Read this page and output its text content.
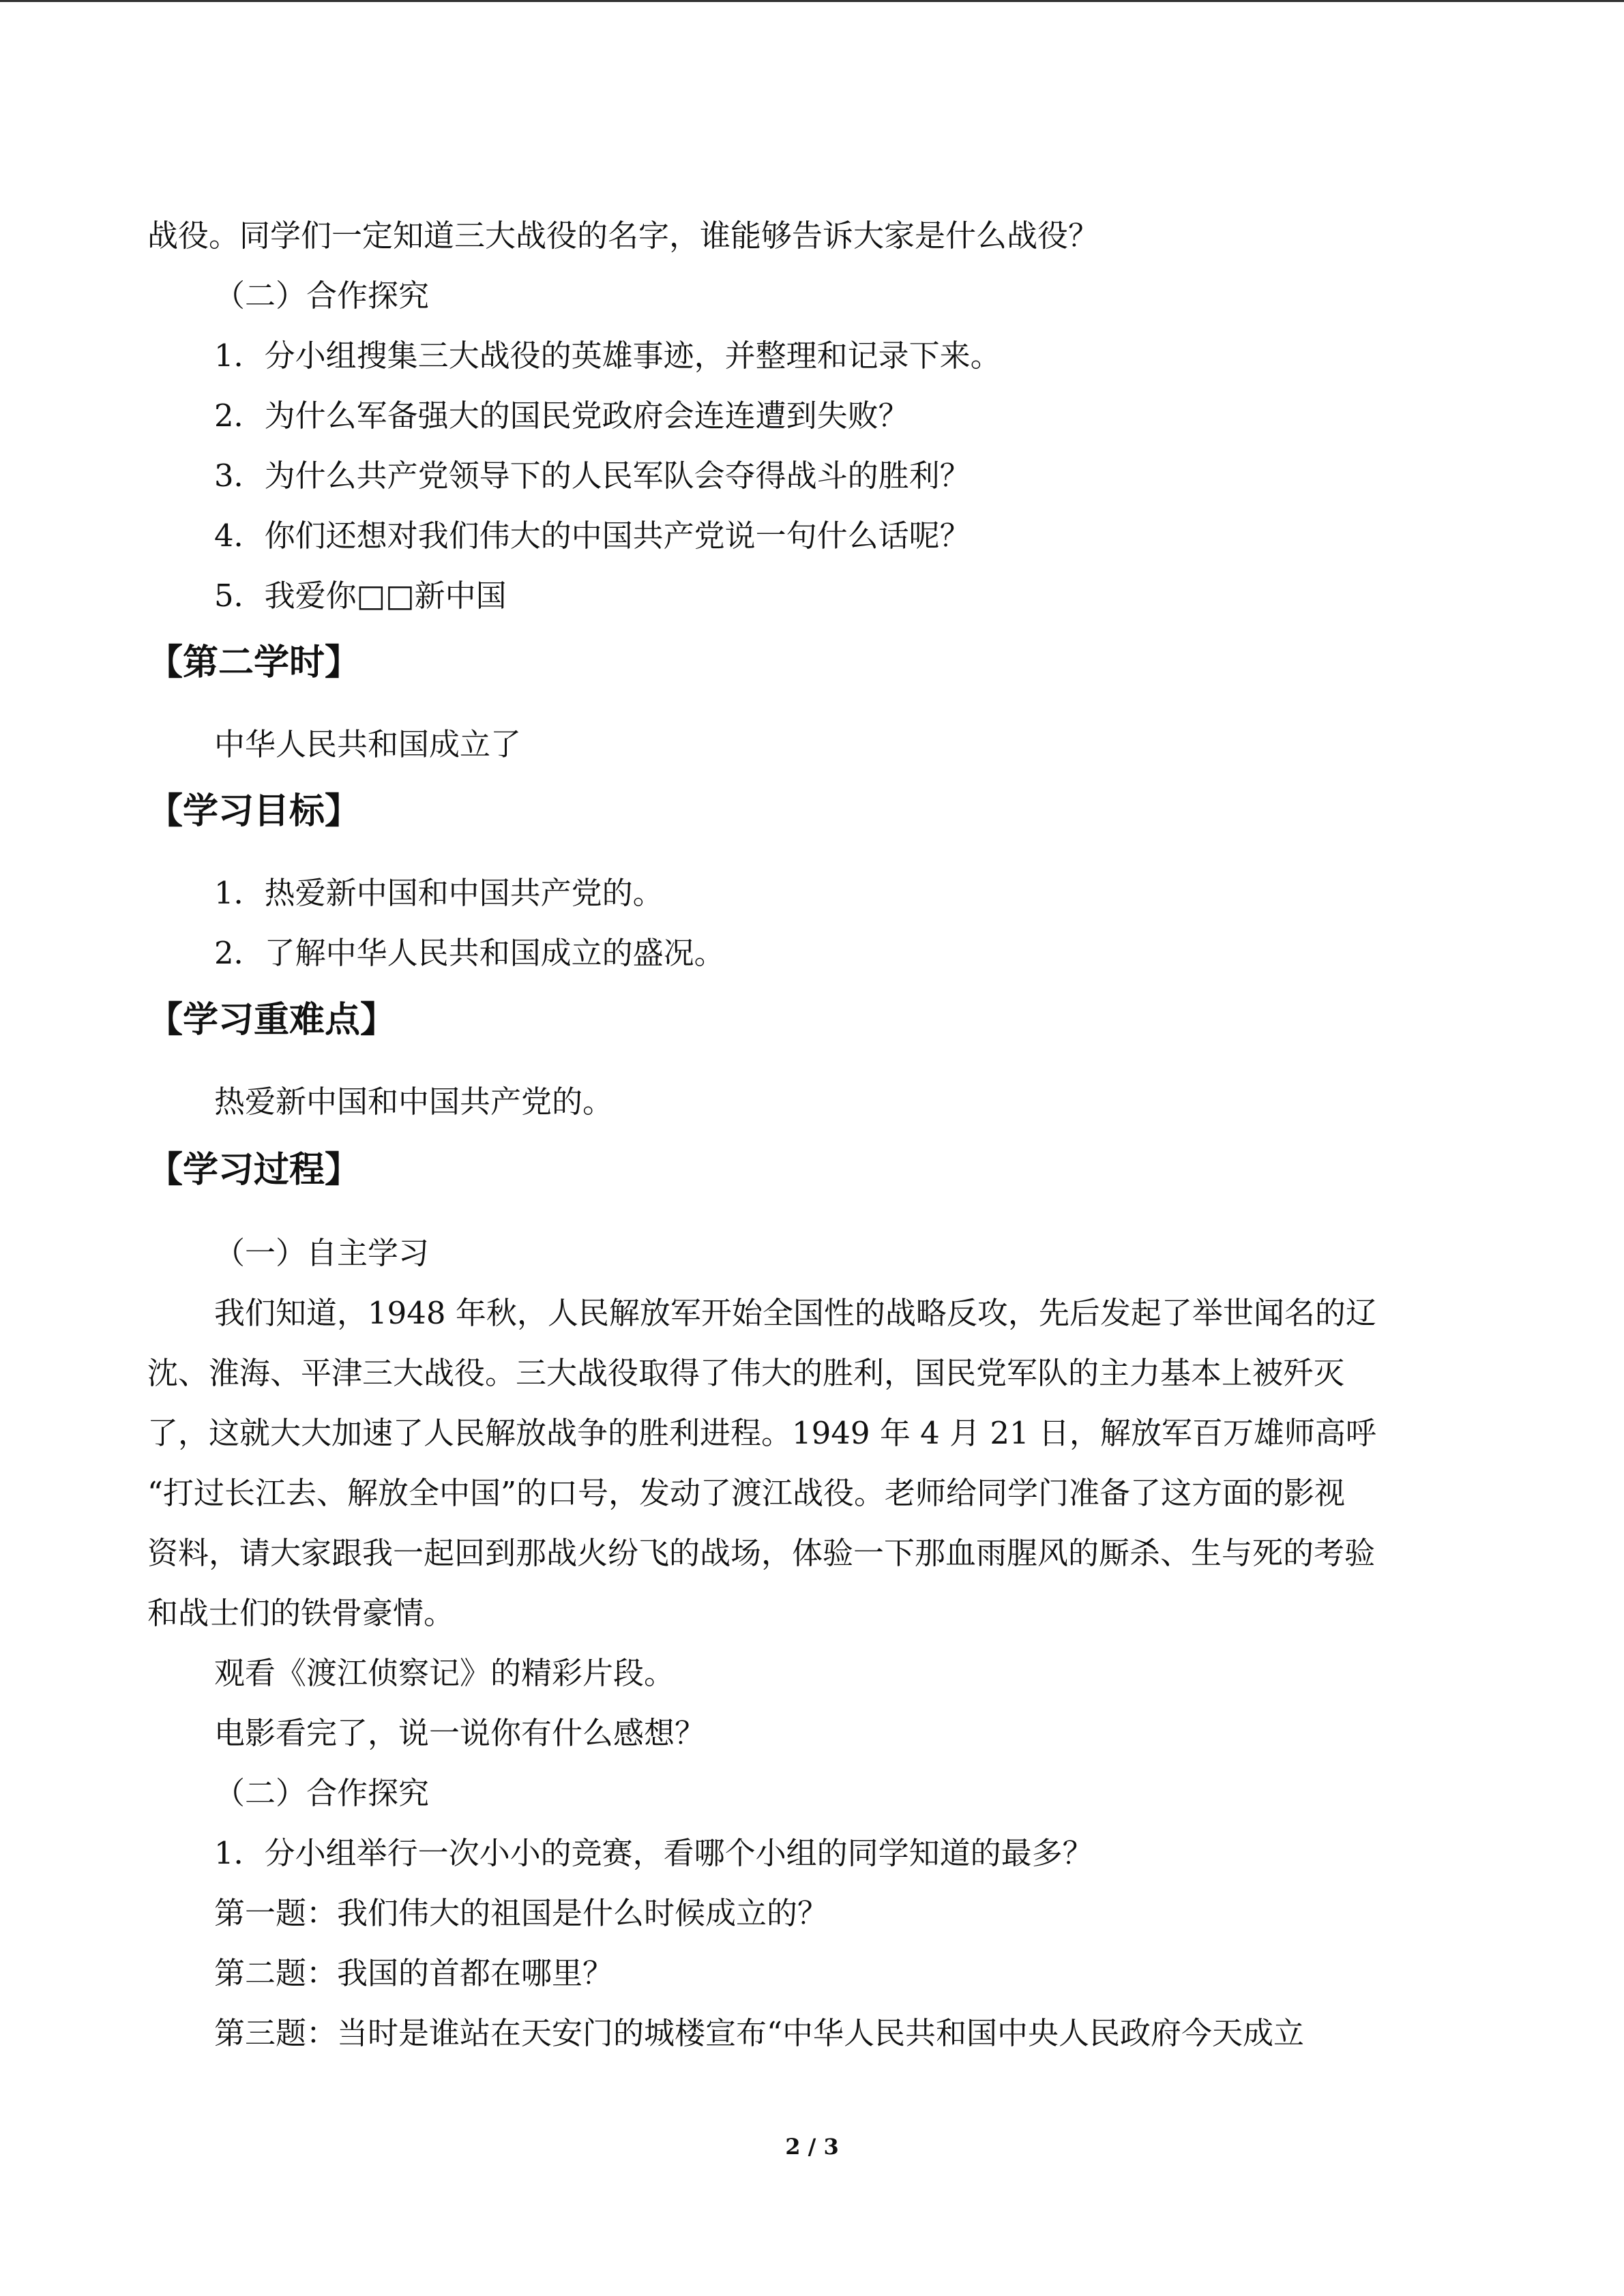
战役。同学们一定知道三大战役的名字，谁能够告诉大家是什么战役？
（二）合作探究
1．分小组搜集三大战役的英雄事迹，并整理和记录下来。
2．为什么军备强大的国民党政府会连连遭到失败？
3．为什么共产党领导下的人民军队会夺得战斗的胜利？
4．你们还想对我们伟大的中国共产党说一句什么话呢？
5．我爱你□□新中国
【第二学时】
中华人民共和国成立了
【学习目标】
1．热爱新中国和中国共产党的。
2．了解中华人民共和国成立的盛况。
【学习重难点】
热爱新中国和中国共产党的。
【学习过程】
（一）自主学习
我们知道，1948 年秋，人民解放军开始全国性的战略反攻，先后发起了举世闻名的辽
沈、淮海、平津三大战役。三大战役取得了伟大的胜利，国民党军队的主力基本上被歼灭
了，这就大大加速了人民解放战争的胜利进程。1949 年 4 月 21 日，解放军百万雄师高呼
“打过长江去、解放全中国”的口号，发动了渡江战役。老师给同学门准备了这方面的影视
资料，请大家跟我一起回到那战火纷飞的战场，体验一下那血雨腥风的厮杀、生与死的考验
和战士们的铁骨豪情。
观看《渡江侦察记》的精彩片段。
电影看完了，说一说你有什么感想？
（二）合作探究
1．分小组举行一次小小的竞赛，看哪个小组的同学知道的最多？
第一题：我们伟大的祖国是什么时候成立的？
第二题：我国的首都在哪里？
第三题：当时是谁站在天安门的城楼宣布“中华人民共和国中央人民政府今天成立
2 / 3
